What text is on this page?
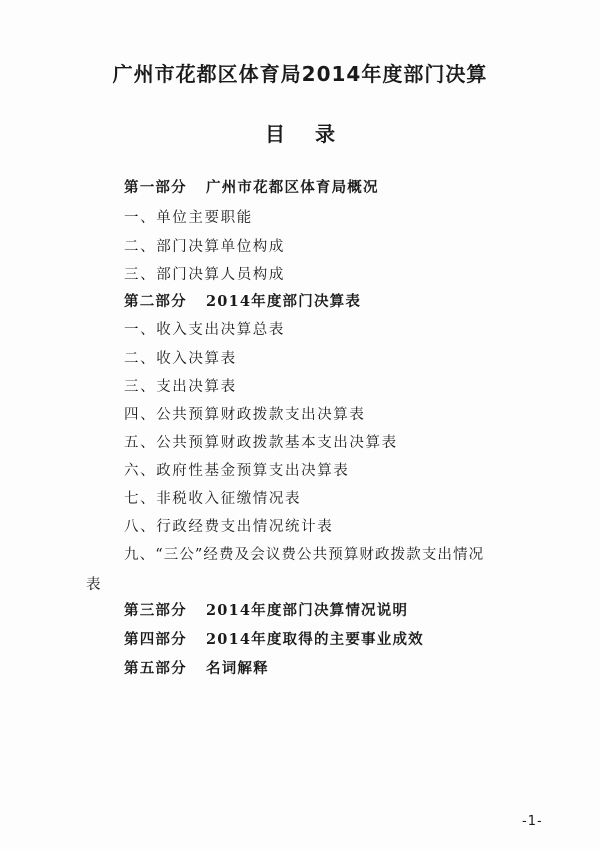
广州市花都区体育局2014年度部门决算
目录
第一部分 广州市花都区体育局概况
一、单位主要职能
二、部门决算单位构成
三、部门决算人员构成
第二部分 2014年度部门决算表
一、收入支出决算总表
二、收入决算表
三、支出决算表
四、公共预算财政拨款支出决算表
五、公共预算财政拨款基本支出决算表
六、政府性基金预算支出决算表
七、非税收入征缴情况表
八、行政经费支出情况统计表
九、“三公”经费及会议费公共预算财政拨款支出情况
表
第三部分 2014年度部门决算情况说明
第四部分 2014年度取得的主要事业成效
第五部分 名词解释
-1-
